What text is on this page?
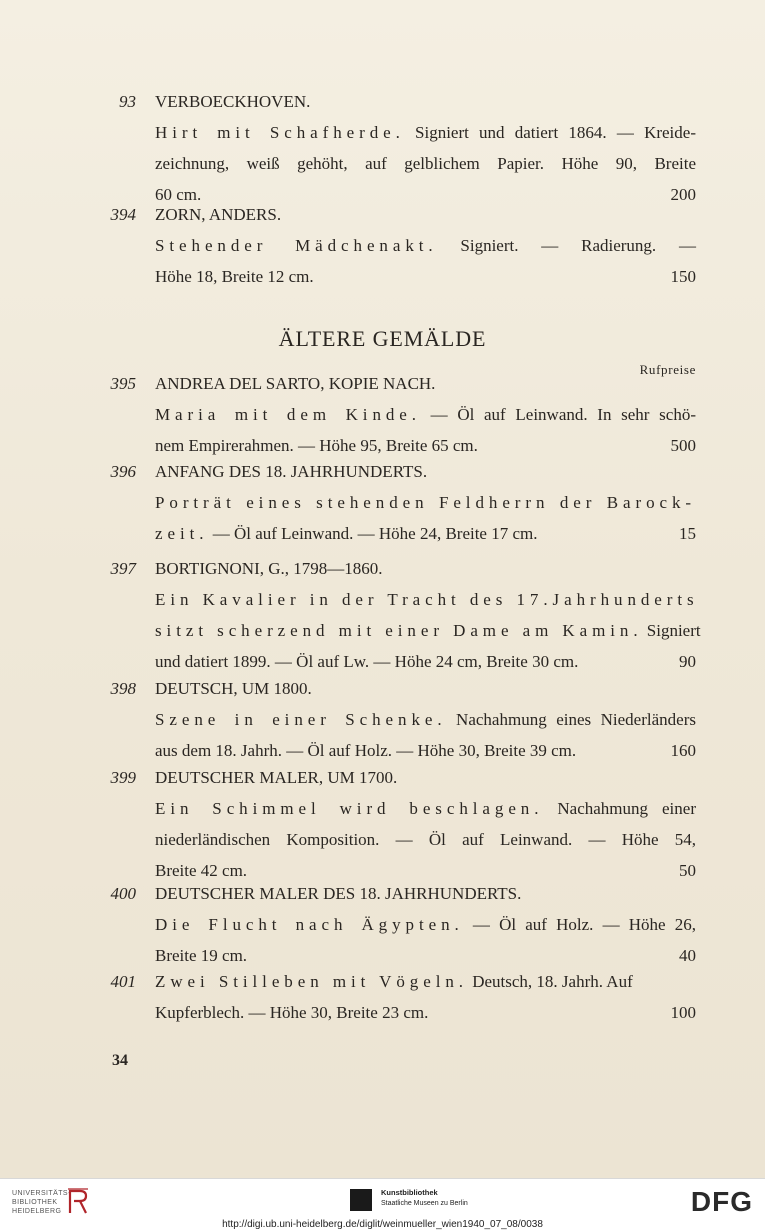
ÄLTERE GEMÄLDE
Rufpreise
93 VERBOECKHOVEN.
Hirt mit Schafherde. Signiert und datiert 1864. — Kreide-
zeichnung, weiß gehöht, auf gelblichem Papier. Höhe 90, Breite
60 cm.	200
394 ZORN, ANDERS.
Stehender Mädchenakt. Signiert. — Radierung. —
Höhe 18, Breite 12 cm.	150
395 ANDREA DEL SARTO, KOPIE NACH.
Maria mit dem Kinde. — Öl auf Leinwand. In sehr schö-
nem Empirerahmen. — Höhe 95, Breite 65 cm.	500
396 ANFANG DES 18. JAHRHUNDERTS.
Porträt eines stehenden Feldherrn der Barock-
zeit. — Öl auf Leinwand. — Höhe 24, Breite 17 cm.	15
397 BORTIGNONI, G., 1798—1860.
Ein Kavalier in der Tracht des 17.Jahrhunderts
sitzt scherzend mit einer Dame am Kamin. Signiert
und datiert 1899. — Öl auf Lw. — Höhe 24 cm, Breite 30 cm.	90
398 DEUTSCH, UM 1800.
Szene in einer Schenke. Nachahmung eines Niederländers
aus dem 18. Jahrh. — Öl auf Holz. — Höhe 30, Breite 39 cm.	160
399 DEUTSCHER MALER, UM 1700.
Ein Schimmel wird beschlagen. Nachahmung einer
niederländischen Komposition. — Öl auf Leinwand. — Höhe 54,
Breite 42 cm.	50
400 DEUTSCHER MALER DES 18. JAHRHUNDERTS.
Die Flucht nach Ägypten. — Öl auf Holz. — Höhe 26,
Breite 19 cm.	40
401 Zwei Stilleben mit Vögeln. Deutsch, 18. Jahrh. Auf
Kupferblech. — Höhe 30, Breite 23 cm.	100
34
UNIVERSITÄTS-
BIBLIOTHEK
HEIDELBERG
Kunstbibliothek
Staatliche Museen zu Berlin	DFG
http://digi.ub.uni-heidelberg.de/diglit/weinmueller_wien1940_07_08/0038
